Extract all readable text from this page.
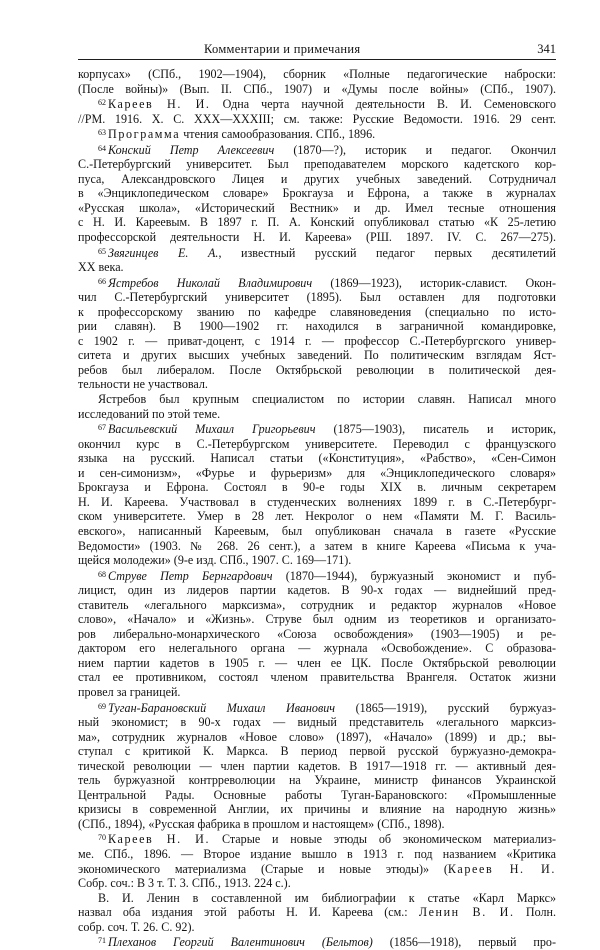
Комментарии и примечания	341
корпусах» (СПб., 1902—1904), сборник «Полные педагогические наброски:
(После войны)» (Вып. II. СПб., 1907) и «Думы после войны» (СПб., 1907).
$^{62}$ Кареев Н. И. Одна черта научной деятельности В. И. Семеновского
//РМ. 1916. Х. С. ХХХ—ХХХIII; см. также: Русские Ведомости. 1916. 29 сент.
$^{63}$ Программа чтения самообразования. СПб., 1896.
$^{64}$ Конский Петр Алексеевич (1870—?), историк и педагог. Окончил
С.-Петербургский университет. Был преподавателем морского кадетского кор-
пуса, Александровского Лицея и других учебных заведений. Сотрудничал
в «Энциклопедическом словаре» Брокгауза и Ефрона, а также в журналах
«Русская школа», «Исторический Вестник» и др. Имел тесные отношения
с Н. И. Кареевым. В 1897 г. П. А. Конский опубликовал статью «К 25-летию
профессорской деятельности Н. И. Кареева» (РШ. 1897. IV. С. 267—275).
$^{65}$ Звягинцев Е. А., известный русский педагог первых десятилетий
XX века.
$^{66}$ Ястребов Николай Владимирович (1869—1923), историк-славист. Окон-
чил С.-Петербургский университет (1895). Был оставлен для подготовки
к профессорскому званию по кафедре славяноведения (специально по исто-
рии славян). В 1900—1902 гг. находился в заграничной командировке,
с 1902 г. — приват-доцент, с 1914 г. — профессор С.-Петербургского универ-
ситета и других высших учебных заведений. По политическим взглядам Яст-
ребов был либералом. После Октябрьской революции в политической дея-
тельности не участвовал.
Ястребов был крупным специалистом по истории славян. Написал много
исследований по этой теме.
$^{67}$ Васильевский Михаил Григорьевич (1875—1903), писатель и историк,
окончил курс в С.-Петербургском университете. Переводил с французского
языка на русский. Написал статьи («Конституция», «Рабство», «Сен-Симон
и сен-симонизм», «Фурье и фурьеризм» для «Энциклопедического словаря»
Брокгауза и Ефрона. Состоял в 90-е годы XIX в. личным секретарем
Н. И. Кареева. Участвовал в студенческих волнениях 1899 г. в С.-Петербург-
ском университете. Умер в 28 лет. Некролог о нем «Памяти М. Г. Василь-
евского», написанный Кареевым, был опубликован сначала в газете «Русские
Ведомости» (1903. № 268. 26 сент.), а затем в книге Кареева «Письма к уча-
щейся молодежи» (9-е изд. СПб., 1907. С. 169—171).
$^{68}$ Струве Петр Бернгардович (1870—1944), буржуазный экономист и пуб-
лицист, один из лидеров партии кадетов. В 90-х годах — виднейший пред-
ставитель «легального марксизма», сотрудник и редактор журналов «Новое
слово», «Начало» и «Жизнь». Струве был одним из теоретиков и организато-
ров либерально-монархического «Союза освобождения» (1903—1905) и ре-
дактором его нелегального органа — журнала «Освобождение». С образова-
нием партии кадетов в 1905 г. — член ее ЦК. После Октябрьской революции
стал ее противником, состоял членом правительства Врангеля. Остаток жизни
провел за границей.
$^{69}$ Туган-Барановский Михаил Иванович (1865—1919), русский буржуаз-
ный экономист; в 90-х годах — видный представитель «легального марксиз-
ма», сотрудник журналов «Новое слово» (1897), «Начало» (1899) и др.; вы-
ступал с критикой К. Маркса. В период первой русской буржуазно-демокра-
тической революции — член партии кадетов. В 1917—1918 гг. — активный дея-
тель буржуазной контрреволюции на Украине, министр финансов Украинской
Центральной Рады. Основные работы Туган-Барановского: «Промышленные
кризисы в современной Англии, их причины и влияние на народную жизнь»
(СПб., 1894), «Русская фабрика в прошлом и настоящем» (СПб., 1898).
$^{70}$ Кареев Н. И. Старые и новые этюды об экономическом материализ-
ме. СПб., 1896. — Второе издание вышло в 1913 г. под названием «Критика
экономического материализма (Старые и новые этюды)» (Кареев Н. И.
Собр. соч.: В 3 т. Т. 3. СПб., 1913. 224 с.).
В. И. Ленин в составленной им библиографии к статье «Карл Маркс»
назвал оба издания этой работы Н. И. Кареева (см.: Ленин В. И. Полн.
собр. соч. Т. 26. С. 92).
$^{71}$ Плеханов Георгий Валентинович (Бельтов) (1856—1918), первый про-
